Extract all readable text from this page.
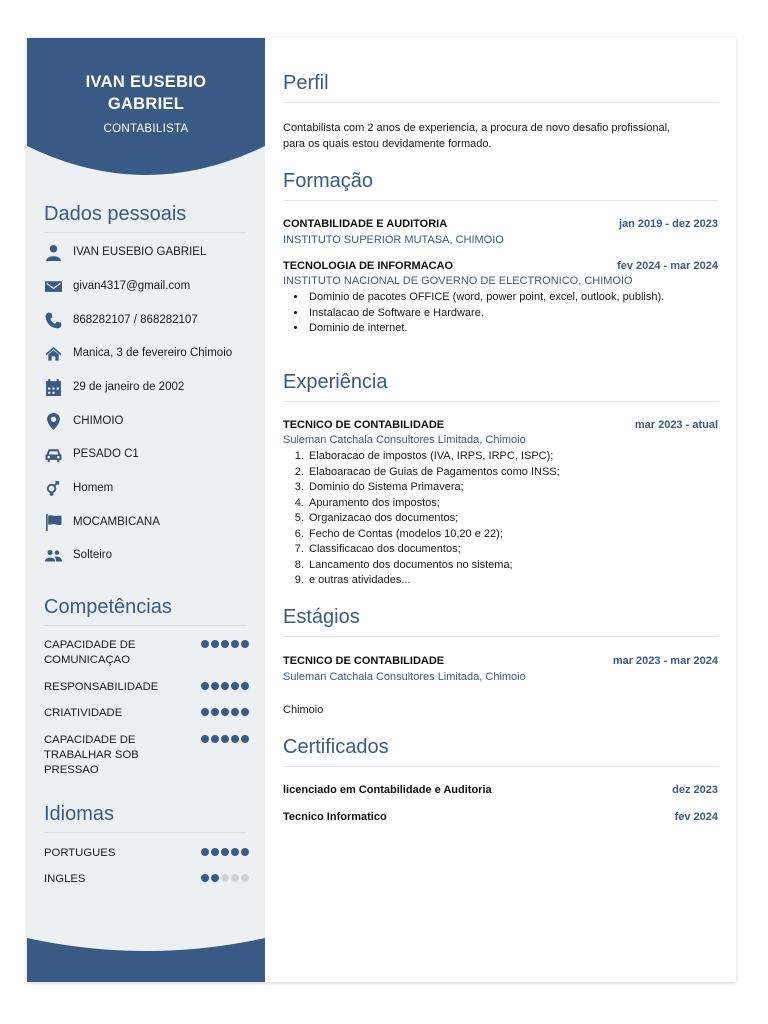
IVAN EUSEBIO
GABRIEL
CONTABILISTA
Dados pessoais
IVAN EUSEBIO GABRIEL
givan4317@gmail.com
868282107 / 868282107
Manica, 3 de fevereiro Chimoio
29 de janeiro de 2002
CHIMOIO
PESADO C1
Homem
MOCAMBICANA
Solteiro
Competências
CAPACIDADE DE
COMUNICAÇAO
RESPONSABILIDADE
CRIATIVIDADE
CAPACIDADE DE
TRABALHAR SOB
PRESSAO
Idiomas
PORTUGUES
INGLES
Perfil
Contabilista com 2 anos de experiencia, a procura de novo desafio profissional,
para os quais estou devidamente formado.
Formação
CONTABILIDADE E AUDITORIA	jan 2019 - dez 2023
INSTITUTO SUPERIOR MUTASA, CHIMOIO
TECNOLOGIA DE INFORMACAO	fev 2024 - mar 2024
INSTITUTO NACIONAL DE GOVERNO DE ELECTRONICO, CHIMOIO
• Dominio de pacotes OFFICE (word, power point, excel, outlook, publish).
• Instalacao de Software e Hardware.
• Dominio de internet.
Experiência
TECNICO DE CONTABILIDADE	mar 2023 - atual
Suleman Catchala Consultores Limitada, Chimoio
1. Elaboracao de impostos (IVA, IRPS, IRPC, ISPC);
2. Elaboaracao de Guias de Pagamentos como INSS;
3. Dominio do Sistema Primavera;
4. Apuramento dos impostos;
5. Organizacao dos documentos;
6. Fecho de Contas (modelos 10,20 e 22);
7. Classificacao dos documentos;
8. Lancamento dos documentos no sistema;
9. e outras atividades...
Estágios
TECNICO DE CONTABILIDADE	mar 2023 - mar 2024
Suleman Catchala Consultores Limitada, Chimoio
Chimoio
Certificados
licenciado em Contabilidade e Auditoria	dez 2023
Tecnico Informatico	fev 2024
